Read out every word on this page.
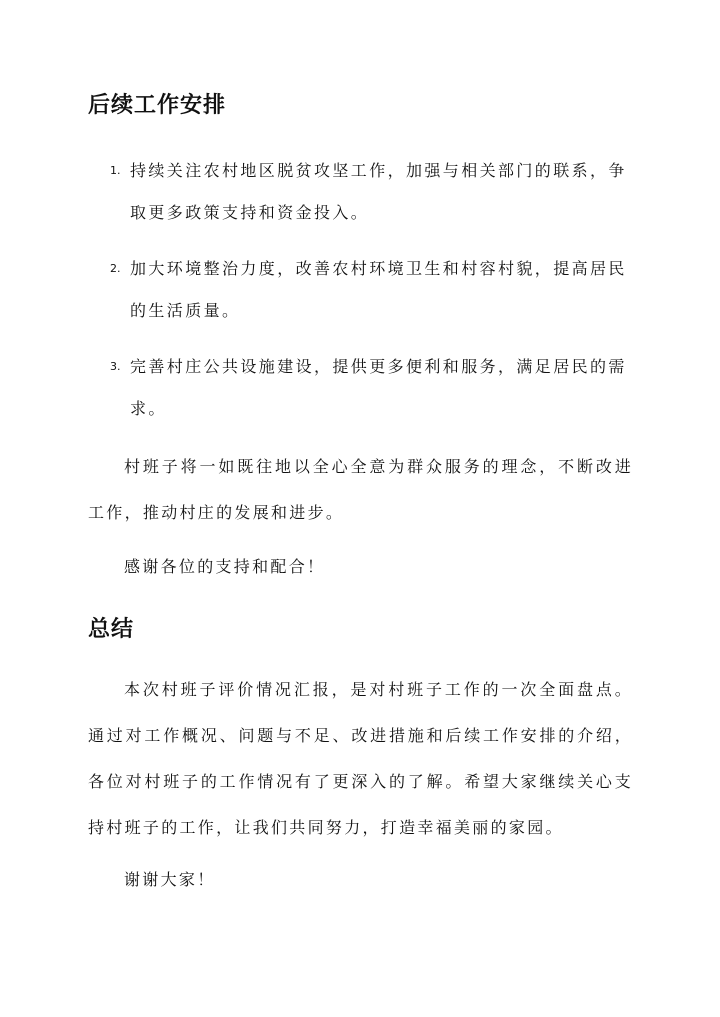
后续工作安排
1. 持续关注农村地区脱贫攻坚工作，加强与相关部门的联系，争取更多政策支持和资金投入。
2. 加大环境整治力度，改善农村环境卫生和村容村貌，提高居民的生活质量。
3. 完善村庄公共设施建设，提供更多便利和服务，满足居民的需求。

村班子将一如既往地以全心全意为群众服务的理念，不断改进工作，推动村庄的发展和进步。

感谢各位的支持和配合！

总结

本次村班子评价情况汇报，是对村班子工作的一次全面盘点。通过对工作概况、问题与不足、改进措施和后续工作安排的介绍，各位对村班子的工作情况有了更深入的了解。希望大家继续关心支持村班子的工作，让我们共同努力，打造幸福美丽的家园。

谢谢大家！
